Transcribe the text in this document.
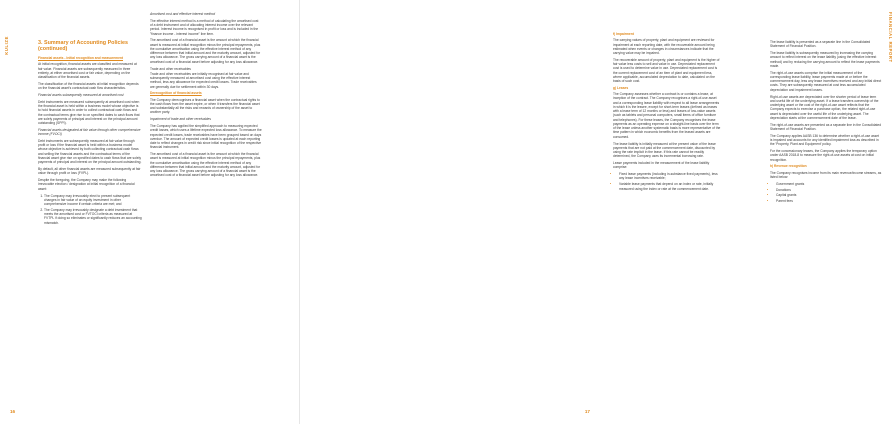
KULIZE	3. Summary of Accounting Policies (continued)

Financial assets - Initial recognition and measurement

At initial recognition, financial assets are classified and measured at fair value. Financial assets are subsequently measured in three entirety, at either amortised cost or fair value, depending on the classification of the financial assets.

The classification of the financial assets at initial recognition depends on the financial asset's contractual cash flow characteristics.

Financial assets subsequently measured at amortised cost

Debt instruments are measured subsequently at amortised cost when the financial asset is held within a business model whose objective is to hold financial assets in order to collect contractual cash flows and the contractual terms give rise to on specified dates to cash flows that are solely payments of principal and interest on the principal amount outstanding (SPPI).

Financial assets designated at fair value through other comprehensive income (FVOCI)

Debt instruments are subsequently measured at fair value through profit or loss if the financial asset is held within a business model whose objective is achieved by both collecting contractual cash flows and selling the financial assets and the contractual terms of the financial asset give rise on specified dates to cash flows that are solely payments of principal and interest on the principal amount outstanding.

By default, all other financial assets are measured subsequently at fair value through profit or loss (FVPL).

Despite the foregoing, the Company may make the following irrevocable election / designation at initial recognition of a financial asset:

1. The Company may irrevocably elect to present subsequent changes in fair value of an equity investment in other comprehensive income if certain criteria are met; and
2. The Company may irrevocably designate a debt investment that meets the amortised cost or FVTOCI criteria as measured at FVTPL if doing so eliminates or significantly reduces an accounting mismatch.

Amortised cost and effective interest method

The effective interest method is a method of calculating the amortised cost of a debt instrument and of allocating interest income over the relevant period. Interest income is recognised in profit or loss and is included in the "finance income - interest income" line item.

The amortised cost of a financial asset is the amount at which the financial asset is measured at initial recognition minus the principal repayments, plus the cumulative amortisation using the effective interest method of any difference between that initial amount and the maturity amount, adjusted for any loss allowance. The gross carrying amount of a financial asset is the amortised cost of a financial asset before adjusting for any loss allowance.

Trade and other receivables

Trade and other receivables are initially recognised at fair value and subsequently measured at amortised cost using the effective interest method, less any allowance for expected credit losses. Trade receivables are generally due for settlement within 30 days.

Derecognition of financial assets

The Company derecognises a financial asset when the contractual rights to the cash flows from the asset expire, or when it transfers the financial asset and substantially all the risks and rewards of ownership of the asset to another party.

Impairment of trade and other receivables

The Company has applied the simplified approach to measuring expected credit losses, which uses a lifetime expected loss allowance. To measure the expected credit losses, trade receivables have been grouped based on days overdue. The amount of expected credit losses is updated at each reporting date to reflect changes in credit risk since initial recognition of the respective financial instrument.

The amortised cost of a financial asset is the amount at which the financial asset is measured at initial recognition minus the principal repayments, plus the cumulative amortisation using the effective interest method of any difference between that initial amount and the maturity amount, adjusted for any loss allowance. The gross carrying amount of a financial asset is the amortised cost of a financial asset before adjusting for any loss allowance.

16
FINANCIAL REPORT

f) Impairment

The carrying values of property, plant and equipment are reviewed for impairment at each reporting date, with the recoverable amount being estimated when events or changes in circumstances indicate that the carrying value may be impaired.

The recoverable amount of property, plant and equipment is the higher of fair value less costs to sell and value in use. Depreciated replacement cost is used to determine value in use. Depreciated replacement cost is the current replacement cost of an item of plant and equipment less, where applicable, accumulated depreciation to date, calculated on the basis of such cost.

g) Leases

The Company assesses whether a contract is or contains a lease, at inception of the contract. The Company recognises a right-of-use asset and a corresponding lease liability with respect to all lease arrangements in which it is the lessee, except for short-term leases (defined as leases with a lease term of 12 months or less) and leases of low-value assets (such as tablets and personal computers, small items of office furniture and telephones). For these leases, the Company recognises the lease payments as an operating expense on a straight-line basis over the term of the lease unless another systematic basis is more representative of the time pattern in which economic benefits from the leased assets are consumed.

The lease liability is initially measured at the present value of the lease payments that are not paid at the commencement date, discounted by using the rate implicit in the lease. If this rate cannot be readily determined, the Company uses its incremental borrowing rate.

Lease payments included in the measurement of the lease liability comprise:

• Fixed lease payments (including in-substance fixed payments), less any lease incentives receivable;
• Variable lease payments that depend on an index or rate, initially measured using the index or rate at the commencement date.

The lease liability is presented as a separate line in the Consolidated Statement of Financial Position.

The lease liability is subsequently measured by increasing the carrying amount to reflect interest on the lease liability (using the effective interest method) and by reducing the carrying amount to reflect the lease payments made.

The right-of-use assets comprise the initial measurement of the corresponding lease liability, lease payments made at or before the commencement day, less any lease incentives received and any initial direct costs. They are subsequently measured at cost less accumulated depreciation and impairment losses.

Right-of-use assets are depreciated over the shorter period of lease term and useful life of the underlying asset. If a lease transfers ownership of the underlying asset or the cost of the right-of-use asset reflects that the Company expects to exercise a purchase option, the related right-of-use asset is depreciated over the useful life of the underlying asset. The depreciation starts at the commencement date of the lease.

The right-of-use assets are presented as a separate line in the Consolidated Statement of Financial Position.

The Company applies AASB 136 to determine whether a right-of-use asset is impaired and accounts for any identified impairment loss as described in the 'Property, Plant and Equipment' policy.

For the concessionary leases, the Company applies the temporary option under AASB 2018-8 to measure the right-of-use assets at cost on initial recognition.

h) Revenue recognition

The Company recognises income from its main revenue/income streams, as listed below:

• Government grants
• Donations
• Capital grants
• Parent fees
17
